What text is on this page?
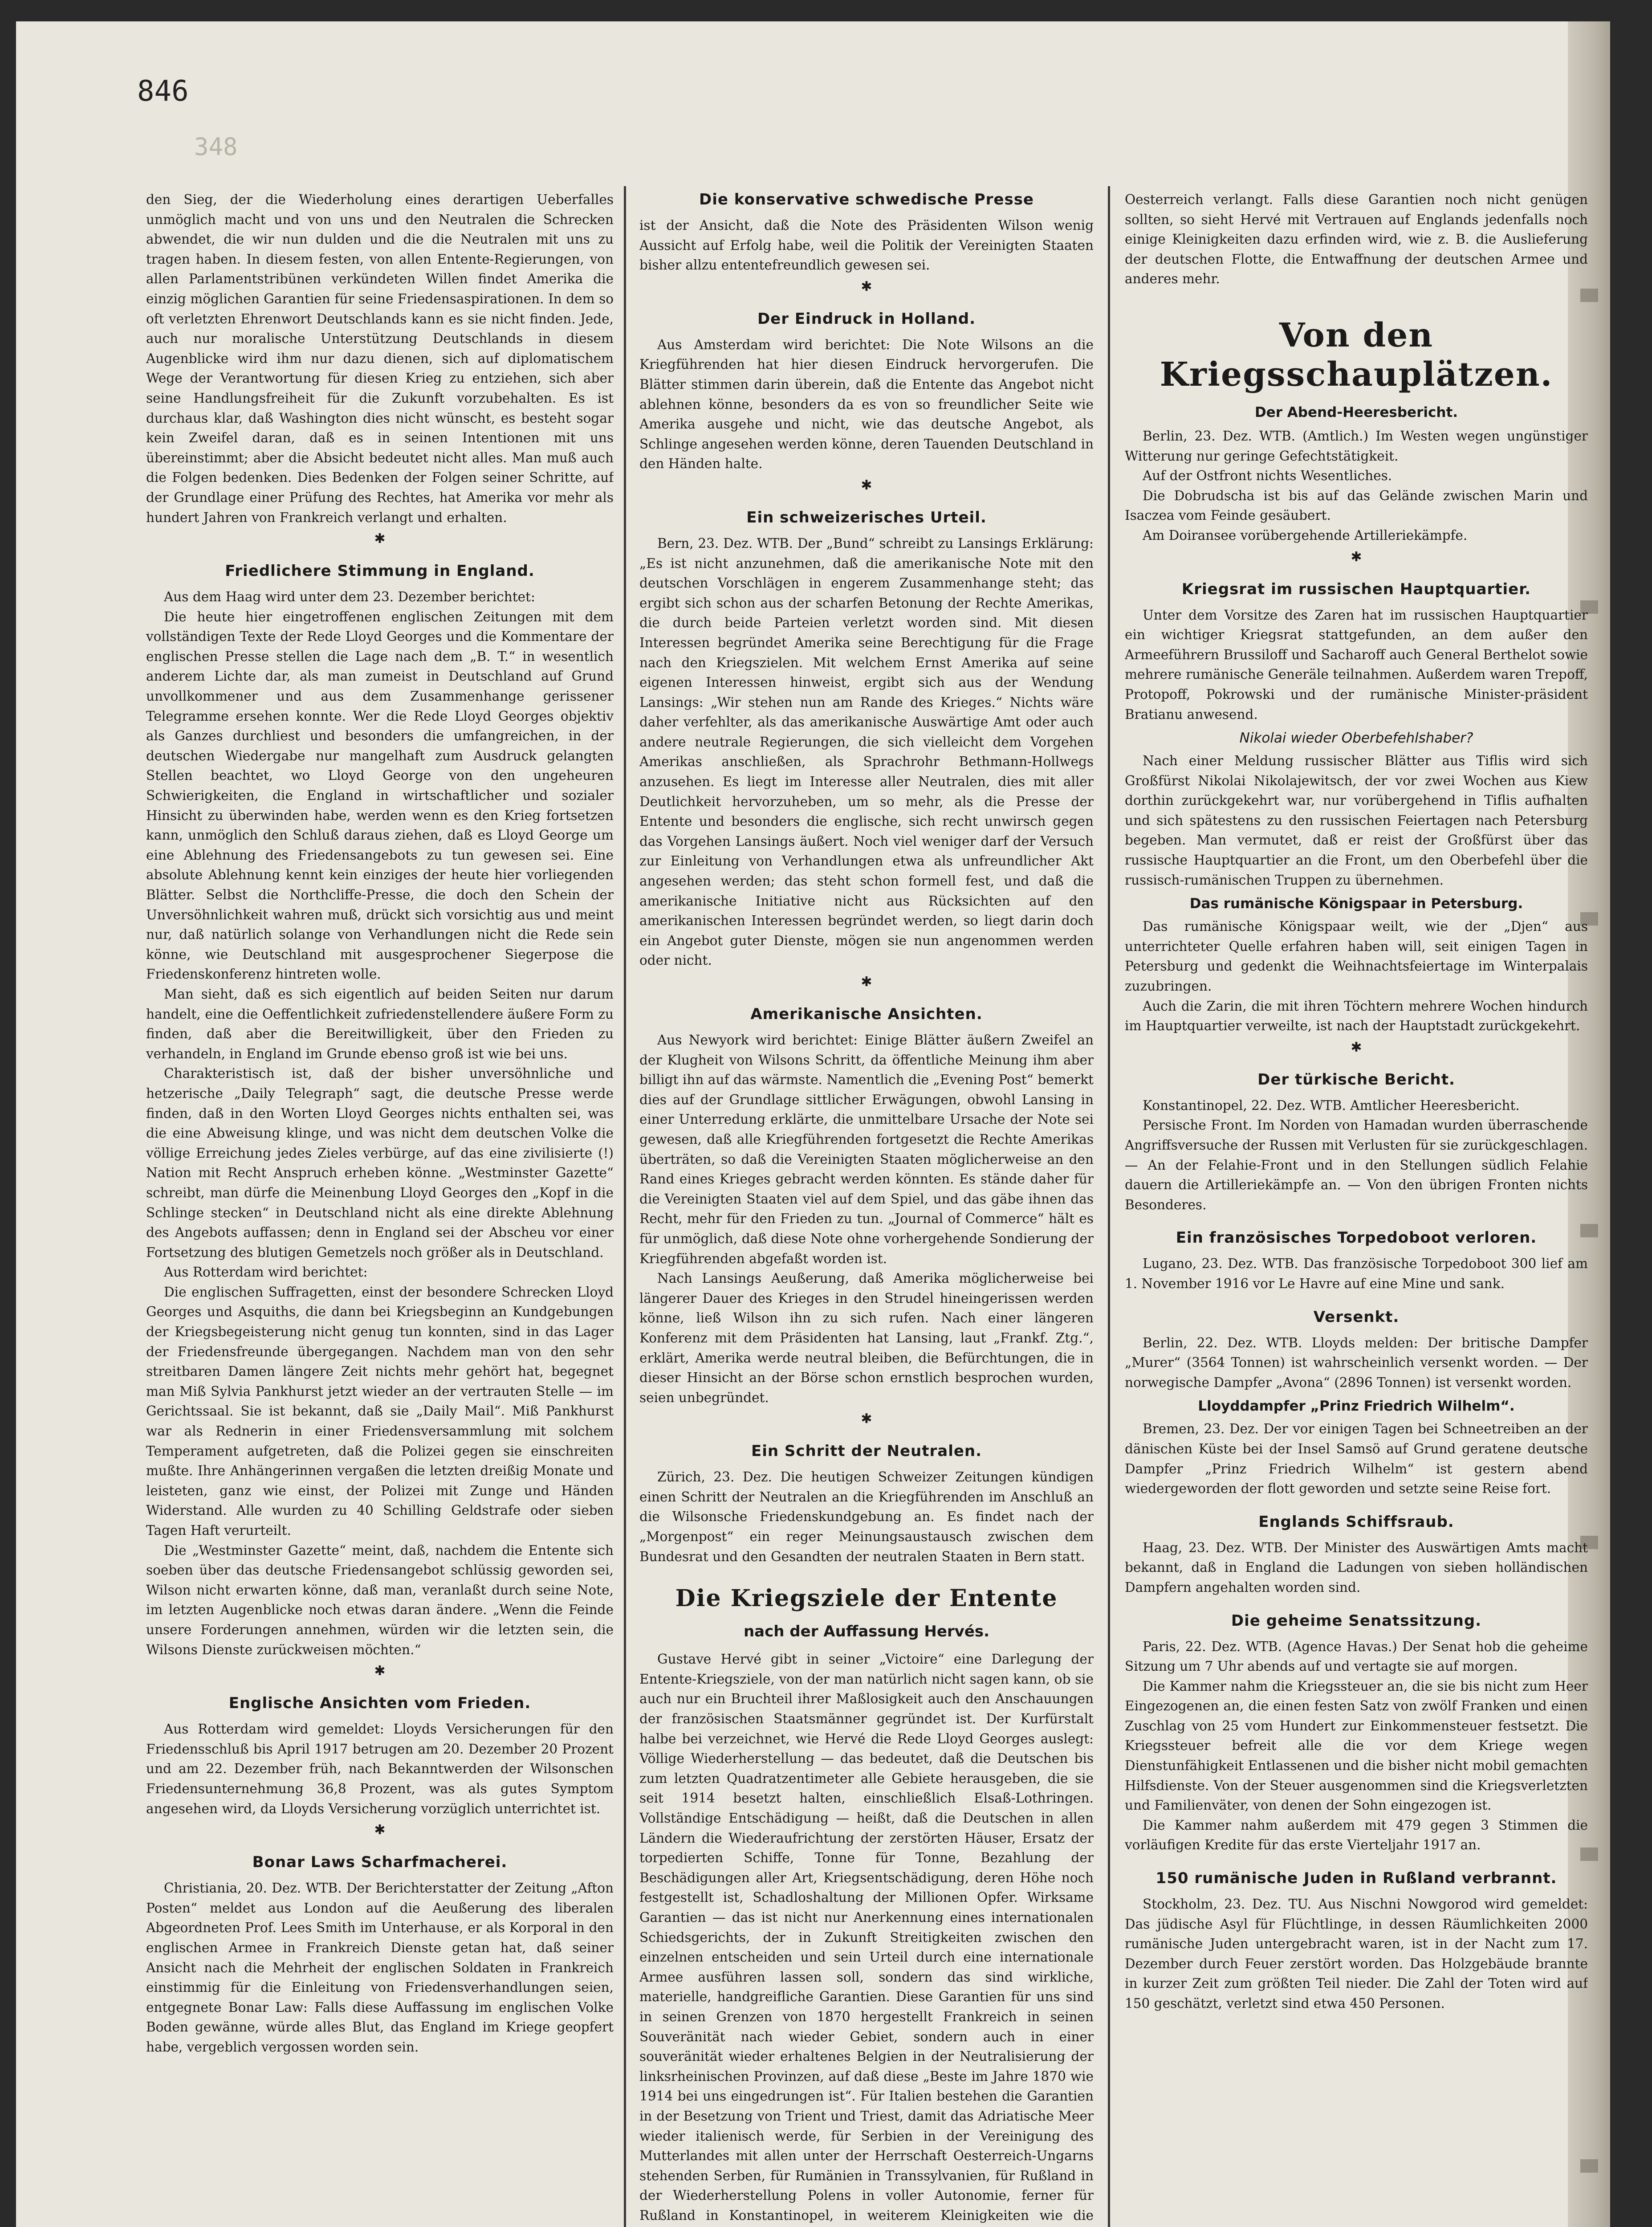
846
348

den Sieg, der die Wiederholung eines derartigen Ueberfalles unmöglich macht und von uns und den Neutralen die Schrecken abwendet, die wir nun dulden und die die Neutralen mit uns zu tragen haben. In diesem festen, von allen Entente-Regierungen, von allen Parlamentstribünen verkündeten Willen findet Amerika die einzig möglichen Garantien für seine Friedensaspirationen. In dem so oft verletzten Ehrenwort Deutschlands kann es sie nicht finden. Jede, auch nur moralische Unterstützung Deutschlands in diesem Augenblicke wird ihm nur dazu dienen, sich auf diplomatischem Wege der Verantwortung für diesen Krieg zu entziehen, sich aber seine Handlungsfreiheit für die Zukunft vorzubehalten. Es ist durchaus klar, daß Washington dies nicht wünscht, es besteht sogar kein Zweifel daran, daß es in seinen Intentionen mit uns übereinstimmt; aber die Absicht bedeutet nicht alles. Man muß auch die Folgen bedenken. Dies Bedenken der Folgen seiner Schritte, auf der Grundlage einer Prüfung des Rechtes, hat Amerika vor mehr als hundert Jahren von Frankreich verlangt und erhalten.

✱
Friedlichere Stimmung in England.

Aus dem Haag wird unter dem 23. Dezember berichtet:

Die heute hier eingetroffenen englischen Zeitungen mit dem vollständigen Texte der Rede Lloyd Georges und die Kommentare der englischen Presse stellen die Lage nach dem „B. T.“ in wesentlich anderem Lichte dar, als man zumeist in Deutschland auf Grund unvollkommener und aus dem Zusammenhange gerissener Telegramme ersehen konnte. Wer die Rede Lloyd Georges objektiv als Ganzes durchliest und besonders die umfangreichen, in der deutschen Wiedergabe nur mangelhaft zum Ausdruck gelangten Stellen beachtet, wo Lloyd George von den ungeheuren Schwierigkeiten, die England in wirtschaftlicher und sozialer Hinsicht zu überwinden habe, werden wenn es den Krieg fortsetzen kann, unmöglich den Schluß daraus ziehen, daß es Lloyd George um eine Ablehnung des Friedensangebots zu tun gewesen sei. Eine absolute Ablehnung kennt kein einziges der heute hier vorliegenden Blätter. Selbst die Northcliffe-Presse, die doch den Schein der Unversöhnlichkeit wahren muß, drückt sich vorsichtig aus und meint nur, daß natürlich solange von Verhandlungen nicht die Rede sein könne, wie Deutschland mit ausgesprochener Siegerpose die Friedenskonferenz hintreten wolle.

Man sieht, daß es sich eigentlich auf beiden Seiten nur darum handelt, eine die Oeffentlichkeit zufriedenstellendere äußere Form zu finden, daß aber die Bereitwilligkeit, über den Frieden zu verhandeln, in England im Grunde ebenso groß ist wie bei uns.

Charakteristisch ist, daß der bisher unversöhnliche und hetzerische „Daily Telegraph“ sagt, die deutsche Presse werde finden, daß in den Worten Lloyd Georges nichts enthalten sei, was die eine Abweisung klinge, und was nicht dem deutschen Volke die völlige Erreichung jedes Zieles verbürge, auf das eine zivilisierte (!) Nation mit Recht Anspruch erheben könne. „Westminster Gazette“ schreibt, man dürfe die Meinenbung Lloyd Georges den „Kopf in die Schlinge stecken“ in Deutschland nicht als eine direkte Ablehnung des Angebots auffassen; denn in England sei der Abscheu vor einer Fortsetzung des blutigen Gemetzels noch größer als in Deutschland.

Aus Rotterdam wird berichtet:

Die englischen Suffragetten, einst der besondere Schrecken Lloyd Georges und Asquiths, die dann bei Kriegsbeginn an Kundgebungen der Kriegsbegeisterung nicht genug tun konnten, sind in das Lager der Friedensfreunde übergegangen. Nachdem man von den sehr streitbaren Damen längere Zeit nichts mehr gehört hat, begegnet man Miß Sylvia Pankhurst jetzt wieder an der vertrauten Stelle — im Gerichtssaal. Sie ist bekannt, daß sie „Daily Mail“. Miß Pankhurst war als Rednerin in einer Friedensversammlung mit solchem Temperament aufgetreten, daß die Polizei gegen sie einschreiten mußte. Ihre Anhängerinnen vergaßen die letzten dreißig Monate und leisteten, ganz wie einst, der Polizei mit Zunge und Händen Widerstand. Alle wurden zu 40 Schilling Geldstrafe oder sieben Tagen Haft verurteilt.

Die „Westminster Gazette“ meint, daß, nachdem die Entente sich soeben über das deutsche Friedensangebot schlüssig geworden sei, Wilson nicht erwarten könne, daß man, veranlaßt durch seine Note, im letzten Augenblicke noch etwas daran ändere. „Wenn die Feinde unsere Forderungen annehmen, würden wir die letzten sein, die Wilsons Dienste zurückweisen möchten.“

✱
Englische Ansichten vom Frieden.

Aus Rotterdam wird gemeldet: Lloyds Versicherungen für den Friedensschluß bis April 1917 betrugen am 20. Dezember 20 Prozent und am 22. Dezember früh, nach Bekanntwerden der Wilsonschen Friedensunternehmung 36,8 Prozent, was als gutes Symptom angesehen wird, da Lloyds Versicherung vorzüglich unterrichtet ist.

✱
Bonar Laws Scharfmacherei.

Christiania, 20. Dez. WTB. Der Berichterstatter der Zeitung „Afton Posten“ meldet aus London auf die Aeußerung des liberalen Abgeordneten Prof. Lees Smith im Unterhause, er als Korporal in den englischen Armee in Frankreich Dienste getan hat, daß seiner Ansicht nach die Mehrheit der englischen Soldaten in Frankreich einstimmig für die Einleitung von Friedensverhandlungen seien, entgegnete Bonar Law: Falls diese Auffassung im englischen Volke Boden gewänne, würde alles Blut, das England im Kriege geopfert habe, vergeblich vergossen worden sein.

Die konservative schwedische Presse

ist der Ansicht, daß die Note des Präsidenten Wilson wenig Aussicht auf Erfolg habe, weil die Politik der Vereinigten Staaten bisher allzu ententefreundlich gewesen sei.

✱
Der Eindruck in Holland.

Aus Amsterdam wird berichtet: Die Note Wilsons an die Kriegführenden hat hier diesen Eindruck hervorgerufen. Die Blätter stimmen darin überein, daß die Entente das Angebot nicht ablehnen könne, besonders da es von so freundlicher Seite wie Amerika ausgehe und nicht, wie das deutsche Angebot, als Schlinge angesehen werden könne, deren Tauenden Deutschland in den Händen halte.

✱
Ein schweizerisches Urteil.

Bern, 23. Dez. WTB. Der „Bund“ schreibt zu Lansings Erklärung: „Es ist nicht anzunehmen, daß die amerikanische Note mit den deutschen Vorschlägen in engerem Zusammenhange steht; das ergibt sich schon aus der scharfen Betonung der Rechte Amerikas, die durch beide Parteien verletzt worden sind. Mit diesen Interessen begründet Amerika seine Berechtigung für die Frage nach den Kriegszielen. Mit welchem Ernst Amerika auf seine eigenen Interessen hinweist, ergibt sich aus der Wendung Lansings: „Wir stehen nun am Rande des Krieges.“ Nichts wäre daher verfehlter, als das amerikanische Auswärtige Amt oder auch andere neutrale Regierungen, die sich vielleicht dem Vorgehen Amerikas anschließen, als Sprachrohr Bethmann-Hollwegs anzusehen. Es liegt im Interesse aller Neutralen, dies mit aller Deutlichkeit hervorzuheben, um so mehr, als die Presse der Entente und besonders die englische, sich recht unwirsch gegen das Vorgehen Lansings äußert. Noch viel weniger darf der Versuch zur Einleitung von Verhandlungen etwa als unfreundlicher Akt angesehen werden; das steht schon formell fest, und daß die amerikanische Initiative nicht aus Rücksichten auf den amerikanischen Interessen begründet werden, so liegt darin doch ein Angebot guter Dienste, mögen sie nun angenommen werden oder nicht.

✱
Amerikanische Ansichten.

Aus Newyork wird berichtet: Einige Blätter äußern Zweifel an der Klugheit von Wilsons Schritt, da öffentliche Meinung ihm aber billigt ihn auf das wärmste. Namentlich die „Evening Post“ bemerkt dies auf der Grundlage sittlicher Erwägungen, obwohl Lansing in einer Unterredung erklärte, die unmittelbare Ursache der Note sei gewesen, daß alle Kriegführenden fortgesetzt die Rechte Amerikas überträten, so daß die Vereinigten Staaten möglicherweise an den Rand eines Krieges gebracht werden könnten. Es stände daher für die Vereinigten Staaten viel auf dem Spiel, und das gäbe ihnen das Recht, mehr für den Frieden zu tun. „Journal of Commerce“ hält es für unmöglich, daß diese Note ohne vorhergehende Sondierung der Kriegführenden abgefaßt worden ist.

Nach Lansings Aeußerung, daß Amerika möglicherweise bei längerer Dauer des Krieges in den Strudel hineingerissen werden könne, ließ Wilson ihn zu sich rufen. Nach einer längeren Konferenz mit dem Präsidenten hat Lansing, laut „Frankf. Ztg.“, erklärt, Amerika werde neutral bleiben, die Befürchtungen, die in dieser Hinsicht an der Börse schon ernstlich besprochen wurden, seien unbegründet.

✱
Ein Schritt der Neutralen.

Zürich, 23. Dez. Die heutigen Schweizer Zeitungen kündigen einen Schritt der Neutralen an die Kriegführenden im Anschluß an die Wilsonsche Friedenskundgebung an. Es findet nach der „Morgenpost“ ein reger Meinungsaustausch zwischen dem Bundesrat und den Gesandten der neutralen Staaten in Bern statt.

Die Kriegsziele der Entente
nach der Auffassung Hervés.

Gustave Hervé gibt in seiner „Victoire“ eine Darlegung der Entente-Kriegsziele, von der man natürlich nicht sagen kann, ob sie auch nur ein Bruchteil ihrer Maßlosigkeit auch den Anschauungen der französischen Staatsmänner gegründet ist. Der Kurfürstalt halbe bei verzeichnet, wie Hervé die Rede Lloyd Georges auslegt: Völlige Wiederherstellung — das bedeutet, daß die Deutschen bis zum letzten Quadratzentimeter alle Gebiete herausgeben, die sie seit 1914 besetzt halten, einschließlich Elsaß-Lothringen. Vollständige Entschädigung — heißt, daß die Deutschen in allen Ländern die Wiederaufrichtung der zerstörten Häuser, Ersatz der torpedierten Schiffe, Tonne für Tonne, Bezahlung der Beschädigungen aller Art, Kriegsentschädigung, deren Höhe noch festgestellt ist, Schadloshaltung der Millionen Opfer. Wirksame Garantien — das ist nicht nur Anerkennung eines internationalen Schiedsgerichts, der in Zukunft Streitigkeiten zwischen den einzelnen entscheiden und sein Urteil durch eine internationale Armee ausführen lassen soll, sondern das sind wirkliche, materielle, handgreifliche Garantien. Diese Garantien für uns sind in seinen Grenzen von 1870 hergestellt Frankreich in seinen Souveränität nach wieder Gebiet, sondern auch in einer souveränität wieder erhaltenes Belgien in der Neutralisierung der linksrheinischen Provinzen, auf daß diese „Beste im Jahre 1870 wie 1914 bei uns eingedrungen ist“. Für Italien bestehen die Garantien in der Besetzung von Trient und Triest, damit das Adriatische Meer wieder italienisch werde, für Serbien in der Vereinigung des Mutterlandes mit allen unter der Herrschaft Oesterreich-Ungarns stehenden Serben, für Rumänien in Transsylvanien, für Rußland in der Wiederherstellung Polens in voller Autonomie, ferner für Rußland in Konstantinopel, in weiterem Kleinigkeiten wie die

Oesterreich verlangt. Falls diese Garantien noch nicht genügen sollten, so sieht Hervé mit Vertrauen auf Englands jedenfalls noch einige Kleinigkeiten dazu erfinden wird, wie z. B. die Auslieferung der deutschen Flotte, die Entwaffnung der deutschen Armee und anderes mehr.

Von den Kriegsschauplätzen.
Der Abend-Heeresbericht.

Berlin, 23. Dez. WTB. (Amtlich.) Im Westen wegen ungünstiger Witterung nur geringe Gefechtstätigkeit.

Auf der Ostfront nichts Wesentliches.

Die Dobrudscha ist bis auf das Gelände zwischen Marin und Isaczea vom Feinde gesäubert.

Am Doiransee vorübergehende Artilleriekämpfe.

✱
Kriegsrat im russischen Hauptquartier.

Unter dem Vorsitze des Zaren hat im russischen Hauptquartier ein wichtiger Kriegsrat stattgefunden, an dem außer den Armeeführern Brussiloff und Sacharoff auch General Berthelot sowie mehrere rumänische Generäle teilnahmen. Außerdem waren Trepoff, Protopoff, Pokrowski und der rumänische Minister-präsident Bratianu anwesend.

Nikolai wieder Oberbefehlshaber?

Nach einer Meldung russischer Blätter aus Tiflis wird sich Großfürst Nikolai Nikolajewitsch, der vor zwei Wochen aus Kiew dorthin zurückgekehrt war, nur vorübergehend in Tiflis aufhalten und sich spätestens zu den russischen Feiertagen nach Petersburg begeben. Man vermutet, daß er reist der Großfürst über das russische Hauptquartier an die Front, um den Oberbefehl über die russisch-rumänischen Truppen zu übernehmen.

Das rumänische Königspaar in Petersburg.

Das rumänische Königspaar weilt, wie der „Djen“ aus unterrichteter Quelle erfahren haben will, seit einigen Tagen in Petersburg und gedenkt die Weihnachtsfeiertage im Winterpalais zuzubringen.

Auch die Zarin, die mit ihren Töchtern mehrere Wochen hindurch im Hauptquartier verweilte, ist nach der Hauptstadt zurückgekehrt.

✱
Der türkische Bericht.

Konstantinopel, 22. Dez. WTB. Amtlicher Heeresbericht.

Persische Front. Im Norden von Hamadan wurden überraschende Angriffsversuche der Russen mit Verlusten für sie zurückgeschlagen. — An der Felahie-Front und in den Stellungen südlich Felahie dauern die Artilleriekämpfe an. — Von den übrigen Fronten nichts Besonderes.

Ein französisches Torpedoboot verloren.

Lugano, 23. Dez. WTB. Das französische Torpedoboot 300 lief am 1. November 1916 vor Le Havre auf eine Mine und sank.

Versenkt.

Berlin, 22. Dez. WTB. Lloyds melden: Der britische Dampfer „Murer“ (3564 Tonnen) ist wahrscheinlich versenkt worden. — Der norwegische Dampfer „Avona“ (2896 Tonnen) ist versenkt worden.

Lloyddampfer „Prinz Friedrich Wilhelm“.

Bremen, 23. Dez. Der vor einigen Tagen bei Schneetreiben an der dänischen Küste bei der Insel Samsö auf Grund geratene deutsche Dampfer „Prinz Friedrich Wilhelm“ ist gestern abend wiedergeworden der flott geworden und setzte seine Reise fort.

Englands Schiffsraub.

Haag, 23. Dez. WTB. Der Minister des Auswärtigen Amts macht bekannt, daß in England die Ladungen von sieben holländischen Dampfern angehalten worden sind.

Die geheime Senatssitzung.

Paris, 22. Dez. WTB. (Agence Havas.) Der Senat hob die geheime Sitzung um 7 Uhr abends auf und vertagte sie auf morgen.

Die Kammer nahm die Kriegssteuer an, die sie bis nicht zum Heer Eingezogenen an, die einen festen Satz von zwölf Franken und einen Zuschlag von 25 vom Hundert zur Einkommensteuer festsetzt. Die Kriegssteuer befreit alle die vor dem Kriege wegen Dienstunfähigkeit Entlassenen und die bisher nicht mobil gemachten Hilfsdienste. Von der Steuer ausgenommen sind die Kriegsverletzten und Familienväter, von denen der Sohn eingezogen ist.

Die Kammer nahm außerdem mit 479 gegen 3 Stimmen die vorläufigen Kredite für das erste Vierteljahr 1917 an.

150 rumänische Juden in Rußland verbrannt.

Stockholm, 23. Dez. TU. Aus Nischni Nowgorod wird gemeldet: Das jüdische Asyl für Flüchtlinge, in dessen Räumlichkeiten 2000 rumänische Juden untergebracht waren, ist in der Nacht zum 17. Dezember durch Feuer zerstört worden. Das Holzgebäude brannte in kurzer Zeit zum größten Teil nieder. Die Zahl der Toten wird auf 150 geschätzt, verletzt sind etwa 450 Personen.
